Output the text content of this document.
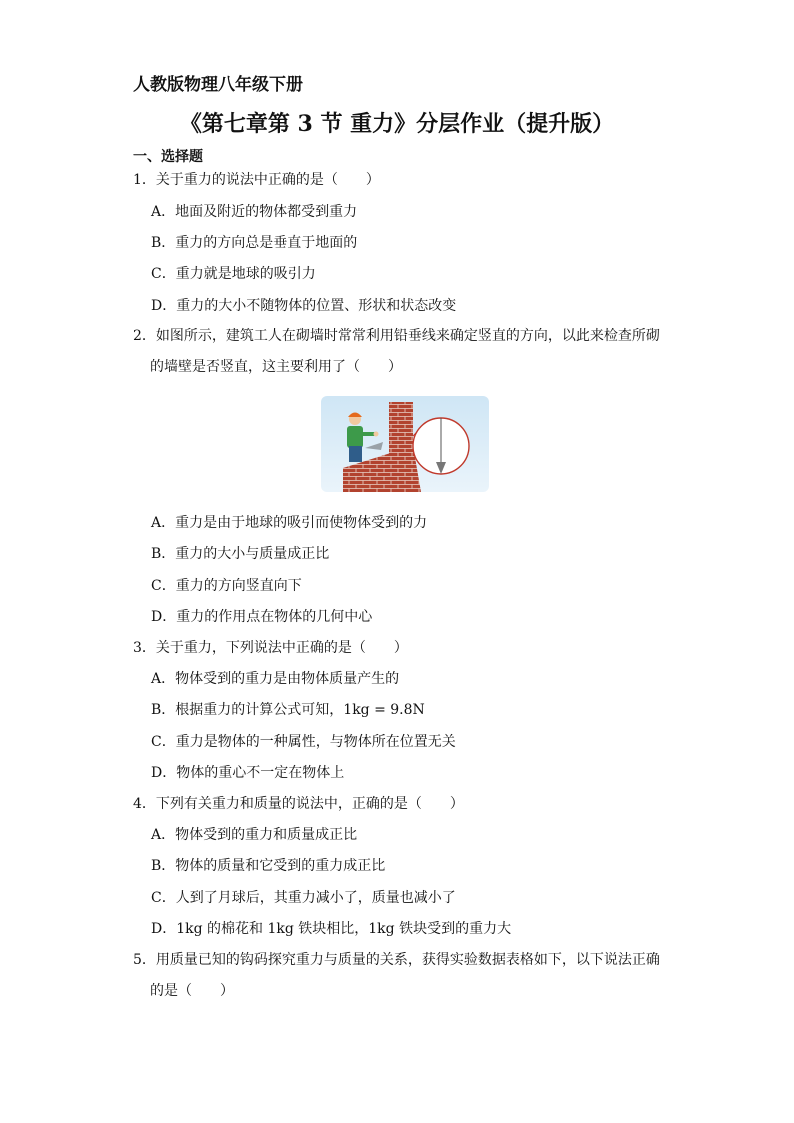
人教版物理八年级下册
《第七章第 3 节 重力》分层作业（提升版）
一、选择题
1．关于重力的说法中正确的是（　　）
A．地面及附近的物体都受到重力
B．重力的方向总是垂直于地面的
C．重力就是地球的吸引力
D．重力的大小不随物体的位置、形状和状态改变
2．如图所示，建筑工人在砌墙时常常利用铅垂线来确定竖直的方向，以此来检查所砌
的墙壁是否竖直，这主要利用了（　　）
A．重力是由于地球的吸引而使物体受到的力
B．重力的大小与质量成正比
C．重力的方向竖直向下
D．重力的作用点在物体的几何中心
3．关于重力，下列说法中正确的是（　　）
A．物体受到的重力是由物体质量产生的
B．根据重力的计算公式可知，1kg = 9.8N
C．重力是物体的一种属性，与物体所在位置无关
D．物体的重心不一定在物体上
4．下列有关重力和质量的说法中，正确的是（　　）
A．物体受到的重力和质量成正比
B．物体的质量和它受到的重力成正比
C．人到了月球后，其重力减小了，质量也减小了
D．1kg 的棉花和 1kg 铁块相比，1kg 铁块受到的重力大
5．用质量已知的钩码探究重力与质量的关系，获得实验数据表格如下，以下说法正确
的是（　　）
